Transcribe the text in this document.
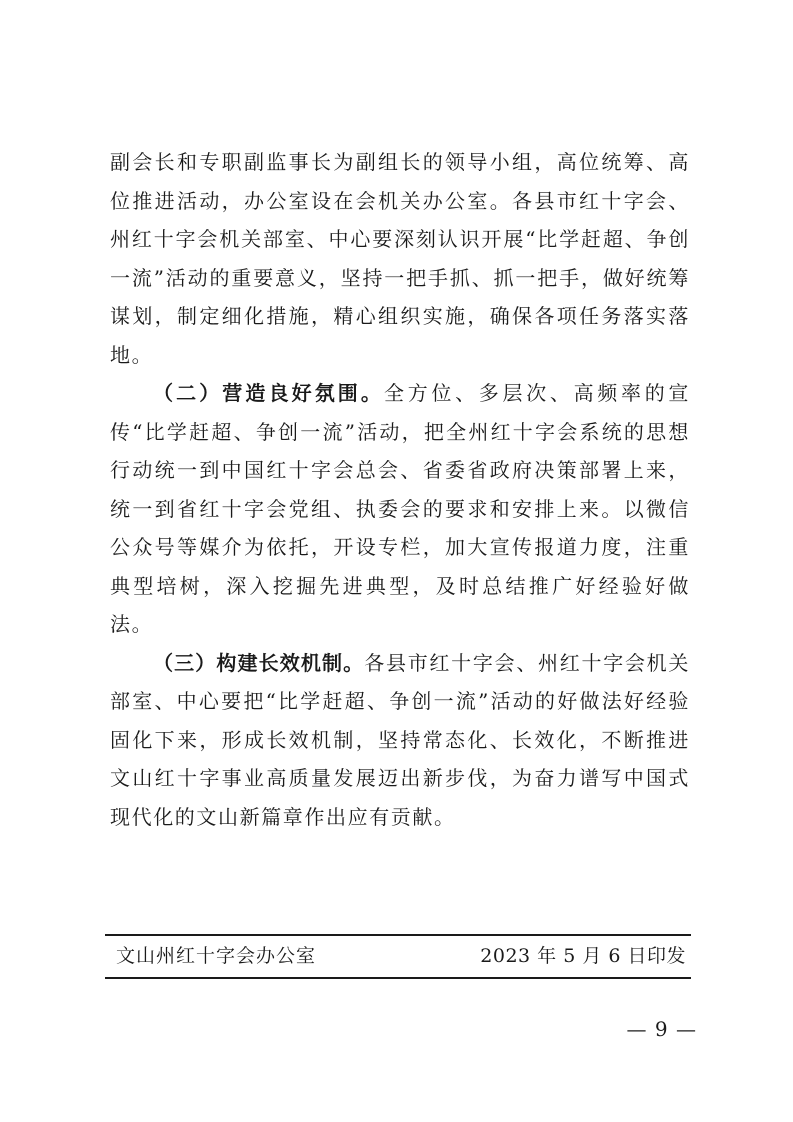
副会长和专职副监事长为副组长的领导小组，高位统筹、高位推进活动，办公室设在会机关办公室。各县市红十字会、州红十字会机关部室、中心要深刻认识开展“比学赶超、争创一流”活动的重要意义，坚持一把手抓、抓一把手，做好统筹谋划，制定细化措施，精心组织实施，确保各项任务落实落地。

（二）营造良好氛围。全方位、多层次、高频率的宣传“比学赶超、争创一流”活动，把全州红十字会系统的思想行动统一到中国红十字会总会、省委省政府决策部署上来，统一到省红十字会党组、执委会的要求和安排上来。以微信公众号等媒介为依托，开设专栏，加大宣传报道力度，注重典型培树，深入挖掘先进典型，及时总结推广好经验好做法。

（三）构建长效机制。各县市红十字会、州红十字会机关部室、中心要把“比学赶超、争创一流”活动的好做法好经验固化下来，形成长效机制，坚持常态化、长效化，不断推进文山红十字事业高质量发展迈出新步伐，为奋力谱写中国式现代化的文山新篇章作出应有贡献。

文山州红十字会办公室	2023 年 5 月 6 日印发
— 9 —
